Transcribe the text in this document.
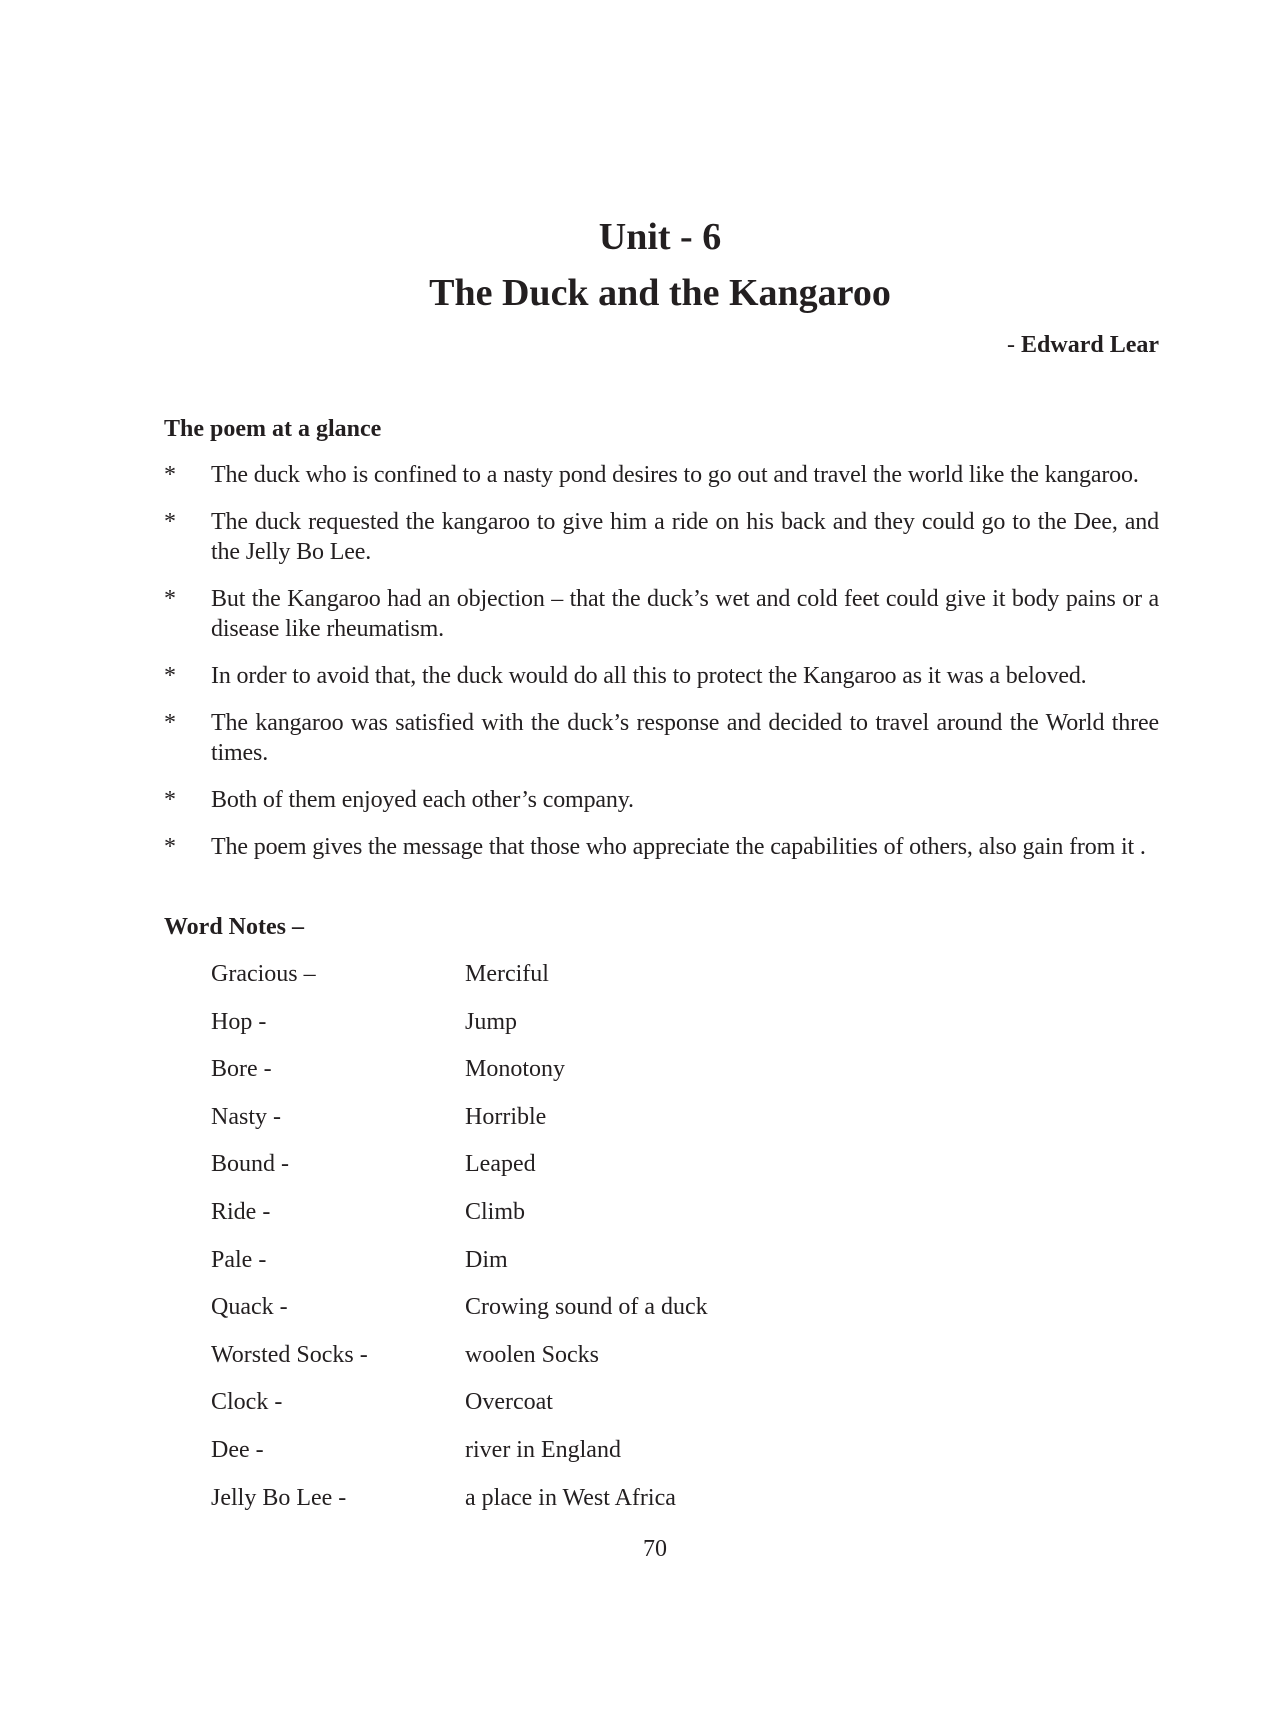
Unit - 6
The Duck and the Kangaroo
- Edward Lear
The poem at a glance
*	The duck who is confined to a nasty pond desires to go out and travel the world like the kangaroo.
*	The duck requested the kangaroo to give him a ride on his back and they could go to the Dee, and the Jelly Bo Lee.
*	But the Kangaroo had an objection – that the duck’s wet and cold feet could give it body pains or a disease like rheumatism.
*	In order to avoid that, the duck would do all this to protect the Kangaroo as it was a beloved.
*	The kangaroo was satisfied with the duck’s response and decided to travel around the World three times.
*	Both of them enjoyed each other’s company.
*	The poem gives the message that those who appreciate the capabilities of others, also gain from it .
Word Notes –
Gracious –	Merciful
Hop -	Jump
Bore -	Monotony
Nasty -	Horrible
Bound -	Leaped
Ride -	Climb
Pale -	Dim
Quack -	Crowing sound of a duck
Worsted Socks -	woolen Socks
Clock -	Overcoat
Dee -	river in England
Jelly Bo Lee -	a place in West Africa
70
